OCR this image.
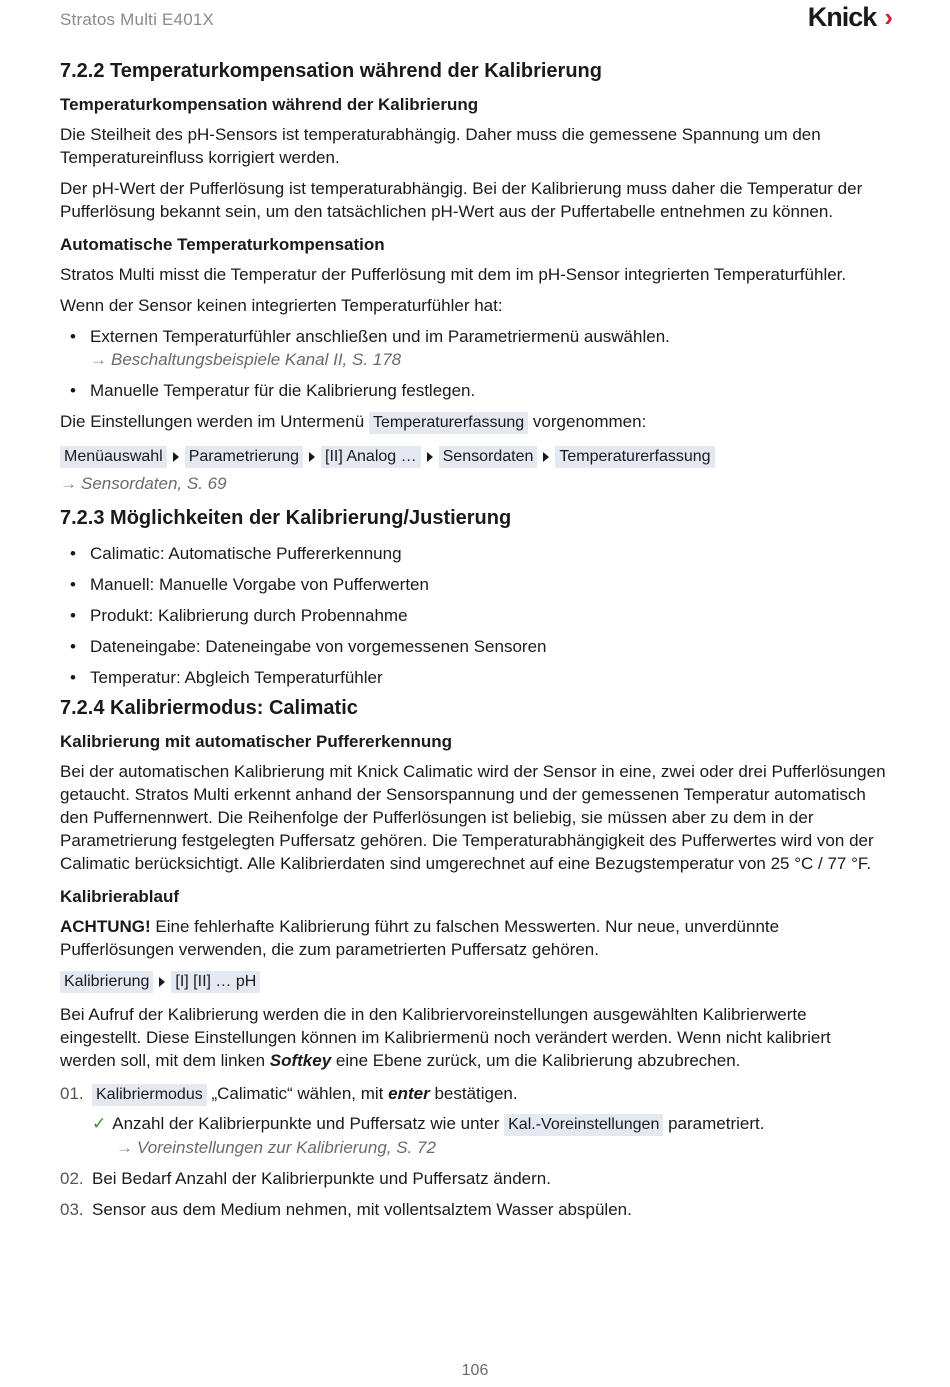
Stratos Multi E401X	Knick ›
7.2.2 Temperaturkompensation während der Kalibrierung
Temperaturkompensation während der Kalibrierung

Die Steilheit des pH-Sensors ist temperaturabhängig. Daher muss die gemessene Spannung um den Temperatureinfluss korrigiert werden.

Der pH-Wert der Pufferlösung ist temperaturabhängig. Bei der Kalibrierung muss daher die Temperatur der Pufferlösung bekannt sein, um den tatsächlichen pH-Wert aus der Puffertabelle entnehmen zu können.

Automatische Temperaturkompensation

Stratos Multi misst die Temperatur der Pufferlösung mit dem im pH-Sensor integrierten Temperaturfühler.

Wenn der Sensor keinen integrierten Temperaturfühler hat:

• Externen Temperaturfühler anschließen und im Parametriermenü auswählen.
→ Beschaltungsbeispiele Kanal II, S. 178
• Manuelle Temperatur für die Kalibrierung festlegen.

Die Einstellungen werden im Untermenü Temperaturerfassung vorgenommen:

Menüauswahl Parametrierung [II] Analog … Sensordaten Temperaturerfassung
→ Sensordaten, S. 69
7.2.3 Möglichkeiten der Kalibrierung/Justierung
• Calimatic: Automatische Puffererkennung
• Manuell: Manuelle Vorgabe von Pufferwerten
• Produkt: Kalibrierung durch Probennahme
• Dateneingabe: Dateneingabe von vorgemessenen Sensoren
• Temperatur: Abgleich Temperaturfühler
7.2.4 Kalibriermodus: Calimatic
Kalibrierung mit automatischer Puffererkennung

Bei der automatischen Kalibrierung mit Knick Calimatic wird der Sensor in eine, zwei oder drei Pufferlösungen getaucht. Stratos Multi erkennt anhand der Sensorspannung und der gemessenen Temperatur automatisch den Puffernennwert. Die Reihenfolge der Pufferlösungen ist beliebig, sie müssen aber zu dem in der Parametrierung festgelegten Puffersatz gehören. Die Temperaturabhängigkeit des Pufferwertes wird von der Calimatic berücksichtigt. Alle Kalibrierdaten sind umgerechnet auf eine Bezugstemperatur von 25 °C / 77 °F.

Kalibrierablauf

ACHTUNG! Eine fehlerhafte Kalibrierung führt zu falschen Messwerten. Nur neue, unverdünnte Pufferlösungen verwenden, die zum parametrierten Puffersatz gehören.

Kalibrierung [I] [II] … pH

Bei Aufruf der Kalibrierung werden die in den Kalibriervoreinstellungen ausgewählten Kalibrierwerte eingestellt. Diese Einstellungen können im Kalibriermenü noch verändert werden. Wenn nicht kalibriert werden soll, mit dem linken Softkey eine Ebene zurück, um die Kalibrierung abzubrechen.

01. Kalibriermodus „Calimatic“ wählen, mit enter bestätigen.
✓ Anzahl der Kalibrierpunkte und Puffersatz wie unter Kal.-Voreinstellungen parametriert.
→ Voreinstellungen zur Kalibrierung, S. 72
02. Bei Bedarf Anzahl der Kalibrierpunkte und Puffersatz ändern.
03. Sensor aus dem Medium nehmen, mit vollentsalztem Wasser abspülen.
106
